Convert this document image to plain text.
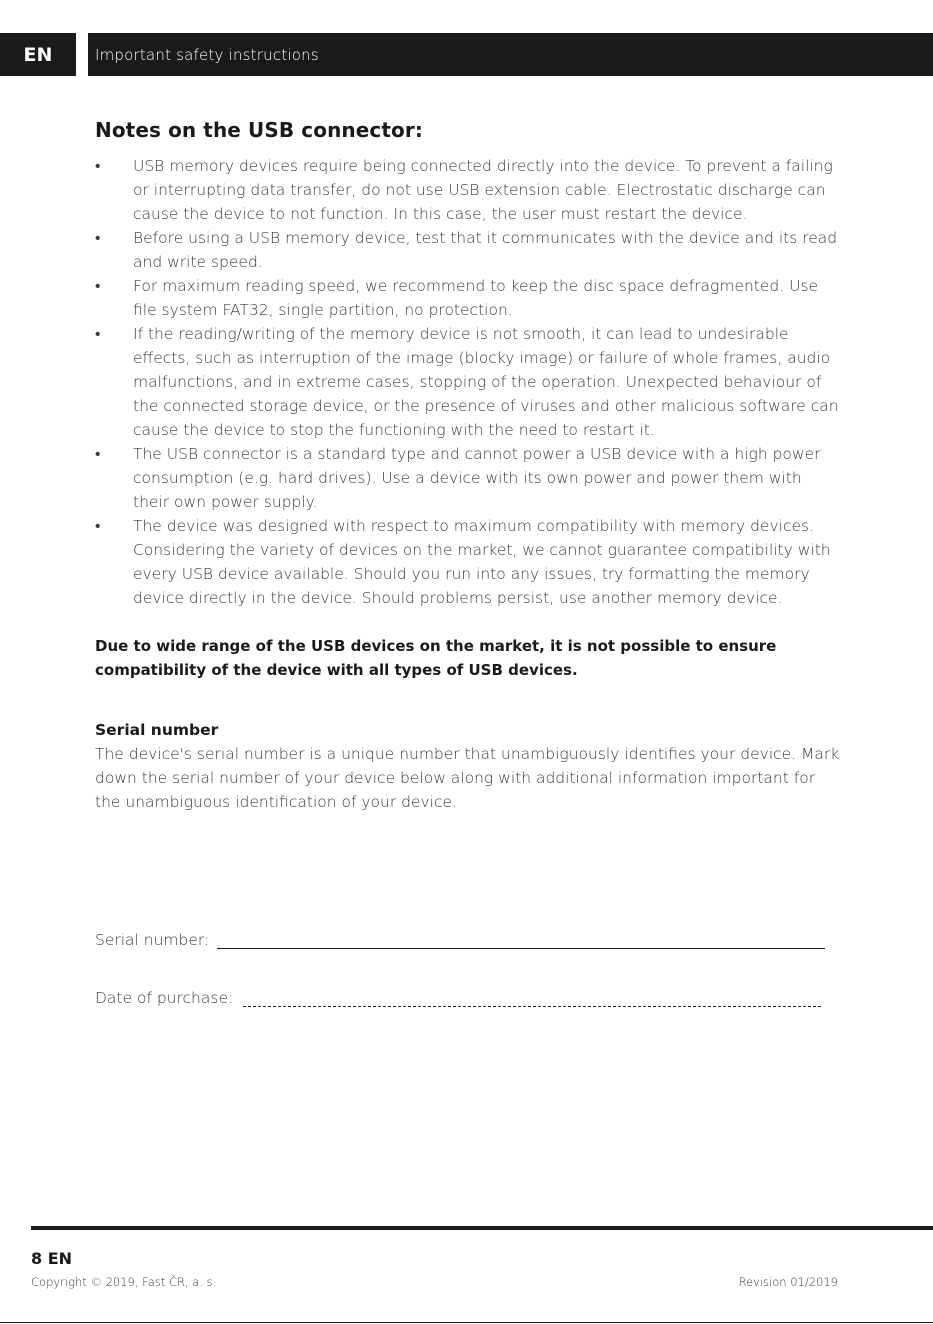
EN	Important safety instructions
Notes on the USB connector:
• USB memory devices require being connected directly into the device. To prevent a failing or interrupting data transfer, do not use USB extension cable. Electrostatic discharge can cause the device to not function. In this case, the user must restart the device.
• Before using a USB memory device, test that it communicates with the device and its read and write speed.
• For maximum reading speed, we recommend to keep the disc space defragmented. Use file system FAT32, single partition, no protection.
• If the reading/writing of the memory device is not smooth, it can lead to undesirable effects, such as interruption of the image (blocky image) or failure of whole frames, audio malfunctions, and in extreme cases, stopping of the operation. Unexpected behaviour of the connected storage device, or the presence of viruses and other malicious software can cause the device to stop the functioning with the need to restart it.
• The USB connector is a standard type and cannot power a USB device with a high power consumption (e.g. hard drives). Use a device with its own power and power them with their own power supply.
• The device was designed with respect to maximum compatibility with memory devices. Considering the variety of devices on the market, we cannot guarantee compatibility with every USB device available. Should you run into any issues, try formatting the memory device directly in the device. Should problems persist, use another memory device.
Due to wide range of the USB devices on the market, it is not possible to ensure compatibility of the device with all types of USB devices.
Serial number
The device's serial number is a unique number that unambiguously identifies your device. Mark down the serial number of your device below along with additional information important for the unambiguous identification of your device.
Serial number:
Date of purchase:
8 EN
Copyright © 2019, Fast ČR, a. s.	Revision 01/2019
